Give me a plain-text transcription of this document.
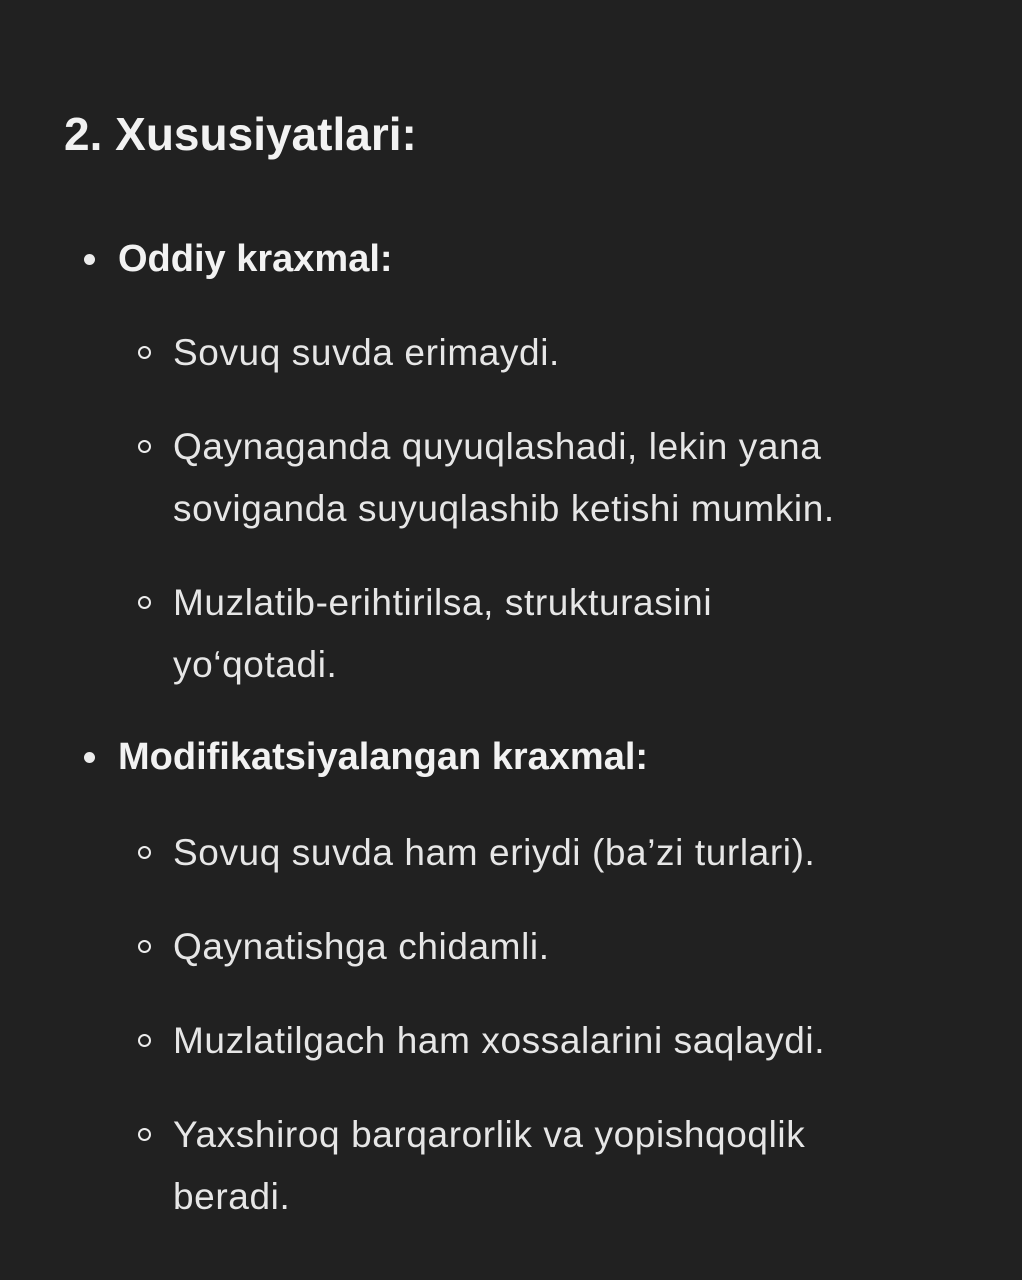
2. Xususiyatlari:
Oddiy kraxmal:
Sovuq suvda erimaydi.
Qaynaganda quyuqlashadi, lekin yana soviganda suyuqlashib ketishi mumkin.
Muzlatib-erihtirilsa, strukturasini yo‘qotadi.
Modifikatsiyalangan kraxmal:
Sovuq suvda ham eriydi (ba’zi turlari).
Qaynatishga chidamli.
Muzlatilgach ham xossalarini saqlaydi.
Yaxshiroq barqarorlik va yopishqoqlik beradi.
